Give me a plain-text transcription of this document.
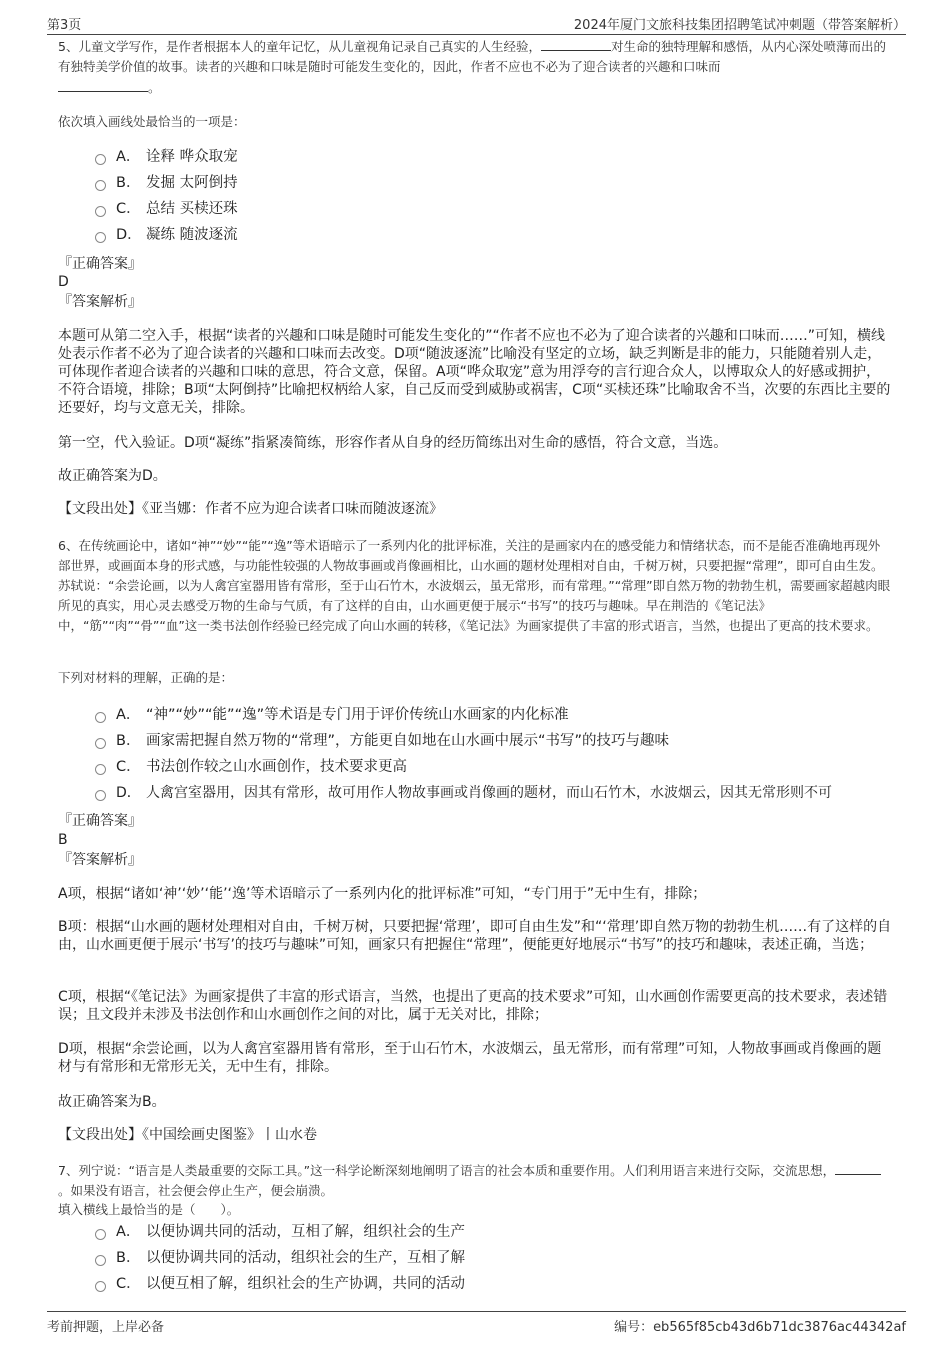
第3页	2024年厦门文旅科技集团招聘笔试冲刺题（带答案解析）
5、儿童文学写作，是作者根据本人的童年记忆，从儿童视角记录自己真实的人生经验，	对生命的独特理解和感悟，从内心深处喷薄而出的有独特美学价值的故事。读者的兴趣和口味是随时可能发生变化的，因此，作者不应也不必为了迎合读者的兴趣和口味而
。
依次填入画线处最恰当的一项是：
A． 诠释 哗众取宠
B． 发掘 太阿倒持
C． 总结 买椟还珠
D． 凝练 随波逐流
『正确答案』
D
『答案解析』
本题可从第二空入手，根据“读者的兴趣和口味是随时可能发生变化的”“作者不应也不必为了迎合读者的兴趣和口味而……”可知，横线处表示作者不必为了迎合读者的兴趣和口味而去改变。D项“随波逐流”比喻没有坚定的立场，缺乏判断是非的能力，只能随着别人走，可体现作者迎合读者的兴趣和口味的意思，符合文意，保留。A项“哗众取宠”意为用浮夸的言行迎合众人，以博取众人的好感或拥护，不符合语境，排除；B项“太阿倒持”比喻把权柄给人家，自己反而受到威胁或祸害，C项“买椟还珠”比喻取舍不当，次要的东西比主要的还要好，均与文意无关，排除。
第一空，代入验证。D项“凝练”指紧凑简练，形容作者从自身的经历简练出对生命的感悟，符合文意，当选。
故正确答案为D。
【文段出处】《亚当娜：作者不应为迎合读者口味而随波逐流》
6、在传统画论中，诸如“神”“妙”“能”“逸”等术语暗示了一系列内化的批评标准，关注的是画家内在的感受能力和情绪状态，而不是能否准确地再现外部世界，或画面本身的形式感，与功能性较强的人物故事画或肖像画相比，山水画的题材处理相对自由，千树万树，只要把握“常理”，即可自由生发。苏轼说：“余尝论画，以为人禽宫室器用皆有常形，至于山石竹木，水波烟云，虽无常形，而有常理。”“常理”即自然万物的勃勃生机，需要画家超越肉眼所见的真实，用心灵去感受万物的生命与气质，有了这样的自由，山水画更便于展示“书写”的技巧与趣味。早在荆浩的《笔记法》中，“筋”“肉”“骨”“血”这一类书法创作经验已经完成了向山水画的转移，《笔记法》为画家提供了丰富的形式语言，当然，也提出了更高的技术要求。
下列对材料的理解，正确的是：
A． “神”“妙”“能”“逸”等术语是专门用于评价传统山水画家的内化标准
B． 画家需把握自然万物的“常理”，方能更自如地在山水画中展示“书写”的技巧与趣味
C． 书法创作较之山水画创作，技术要求更高
D． 人禽宫室器用，因其有常形，故可用作人物故事画或肖像画的题材，而山石竹木，水波烟云，因其无常形则不可
『正确答案』
B
『答案解析』
A项，根据“诸如‘神’‘妙’‘能’‘逸’等术语暗示了一系列内化的批评标准”可知，“专门用于”无中生有，排除；
B项：根据“山水画的题材处理相对自由，千树万树，只要把握‘常理’，即可自由生发”和“‘常理’即自然万物的勃勃生机……有了这样的自由，山水画更便于展示‘书写’的技巧与趣味”可知，画家只有把握住“常理”，便能更好地展示“书写”的技巧和趣味，表述正确，当选；
C项，根据“《笔记法》为画家提供了丰富的形式语言，当然，也提出了更高的技术要求”可知，山水画创作需要更高的技术要求，表述错误；且文段并未涉及书法创作和山水画创作之间的对比，属于无关对比，排除；
D项，根据“余尝论画，以为人禽宫室器用皆有常形，至于山石竹木，水波烟云，虽无常形，而有常理”可知，人物故事画或肖像画的题材与有常形和无常形无关，无中生有，排除。
故正确答案为B。
【文段出处】《中国绘画史图鉴》丨山水卷
7、列宁说：“语言是人类最重要的交际工具。”这一科学论断深刻地阐明了语言的社会本质和重要作用。人们利用语言来进行交际，交流思想，。如果没有语言，社会便会停止生产，便会崩溃。
填入横线上最恰当的是（　　）。
A． 以便协调共同的活动，互相了解，组织社会的生产
B． 以便协调共同的活动，组织社会的生产，互相了解
C． 以便互相了解，组织社会的生产协调，共同的活动
考前押题，上岸必备	编号：eb565f85cb43d6b71dc3876ac44342af
